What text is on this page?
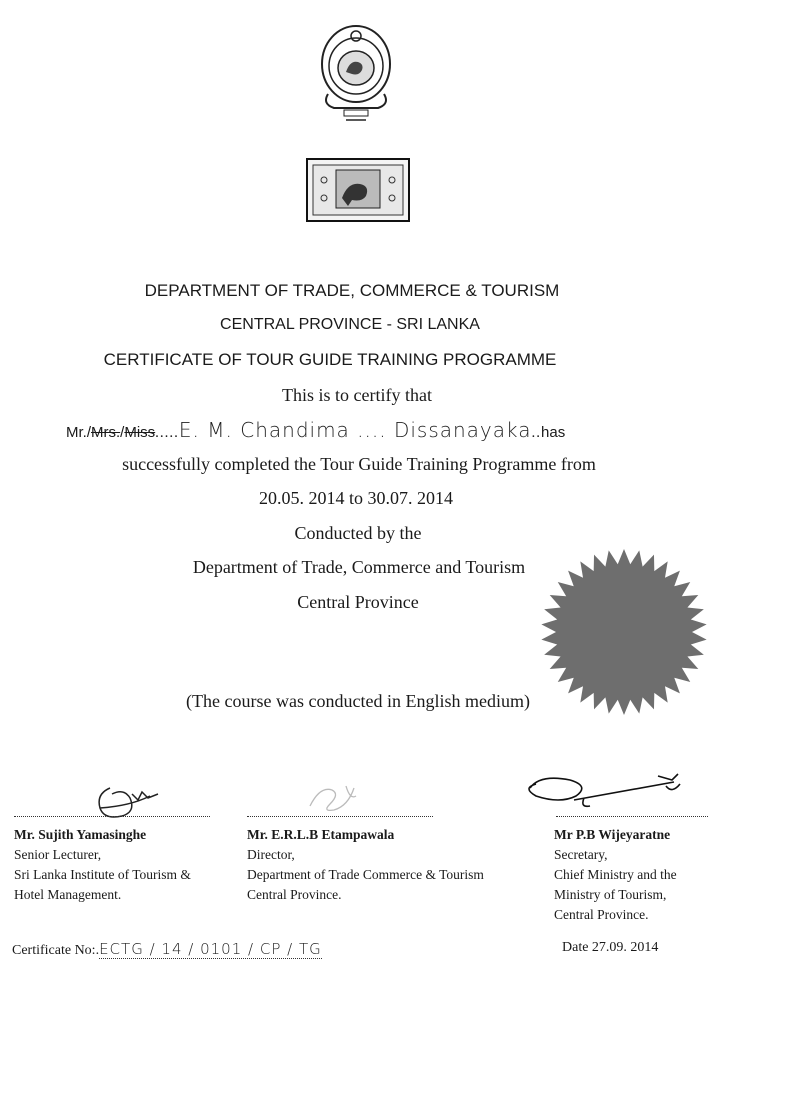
DEPARTMENT OF TRADE, COMMERCE & TOURISM
CENTRAL PROVINCE - SRI LANKA
CERTIFICATE OF TOUR GUIDE TRAINING PROGRAMME
This is to certify that
Mr./Mrs./Miss.....E. M. Chandima .... Dissanayaka..has
successfully completed the Tour Guide Training Programme from
20.05. 2014 to 30.07. 2014
Conducted by the
Department of Trade, Commerce and Tourism
Central Province
(The course was conducted in English medium)
Mr. Sujith Yamasinghe
Senior Lecturer,
Sri Lanka Institute of Tourism &
Hotel Management.
Mr. E.R.L.B Etampawala
Director,
Department of Trade Commerce & Tourism
Central Province.
Mr P.B Wijeyaratne
Secretary,
Chief Ministry and the
Ministry of Tourism,
Central Province.
Certificate No:.ECTG / 14 / 0101 / CP / TG	Date 27.09. 2014
